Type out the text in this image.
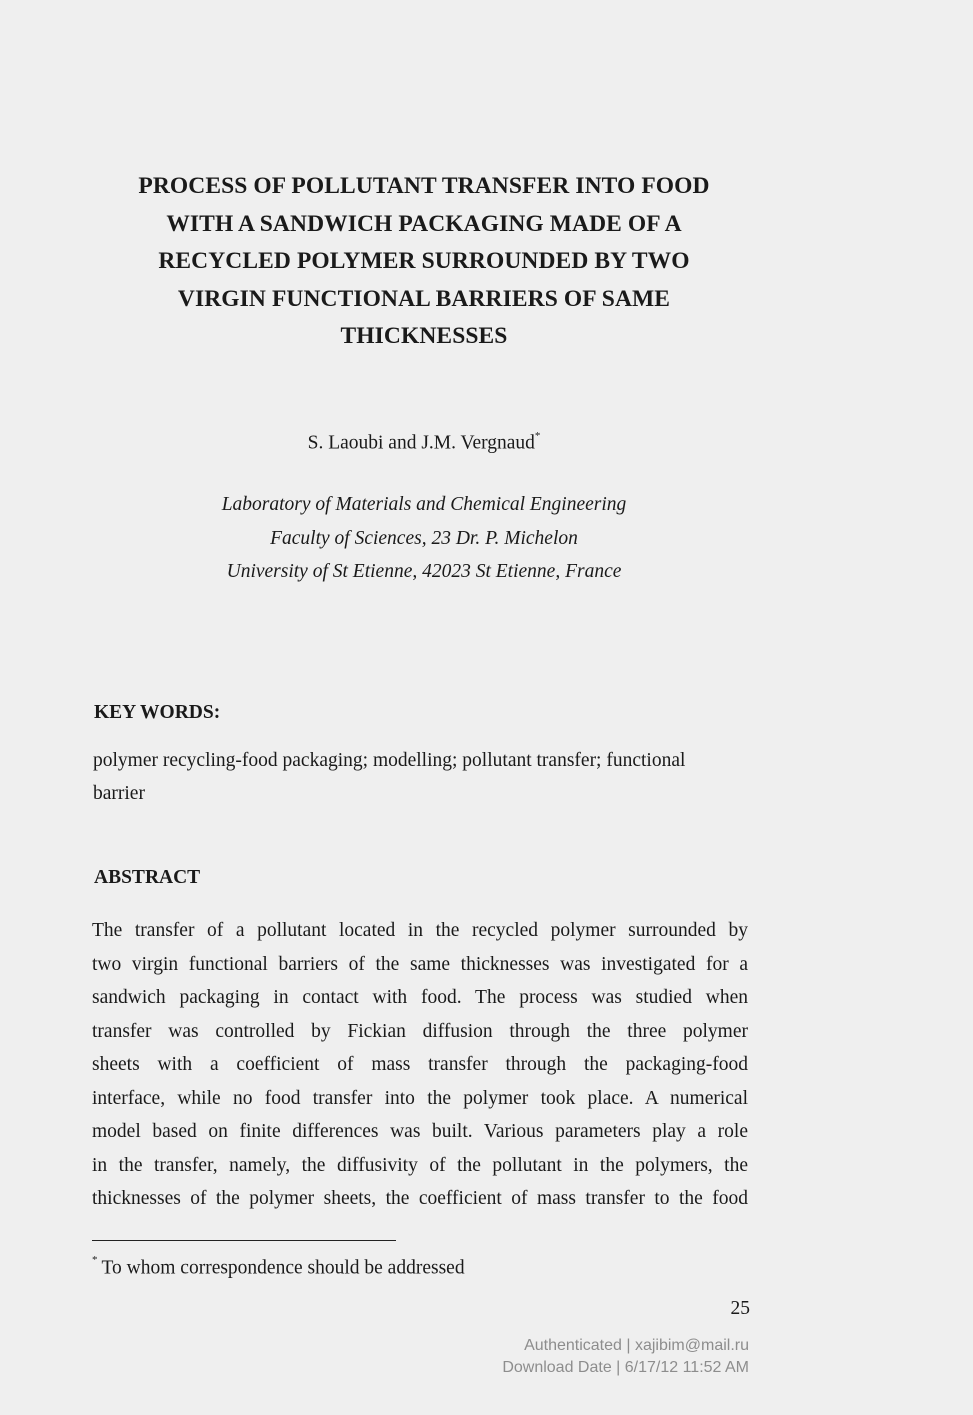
PROCESS OF POLLUTANT TRANSFER INTO FOOD
WITH A SANDWICH PACKAGING MADE OF A
RECYCLED POLYMER SURROUNDED BY TWO
VIRGIN FUNCTIONAL BARRIERS OF SAME
THICKNESSES
S. Laoubi and J.M. Vergnaud*
Laboratory of Materials and Chemical Engineering
Faculty of Sciences, 23 Dr. P. Michelon
University of St Etienne, 42023 St Etienne, France
KEY WORDS:
polymer recycling-food packaging; modelling; pollutant transfer; functional
barrier
ABSTRACT
The transfer of a pollutant located in the recycled polymer surrounded by
two virgin functional barriers of the same thicknesses was investigated for a
sandwich packaging in contact with food. The process was studied when
transfer was controlled by Fickian diffusion through the three polymer
sheets with a coefficient of mass transfer through the packaging-food
interface, while no food transfer into the polymer took place. A numerical
model based on finite differences was built. Various parameters play a role
in the transfer, namely, the diffusivity of the pollutant in the polymers, the
thicknesses of the polymer sheets, the coefficient of mass transfer to the food
* To whom correspondence should be addressed
25
Authenticated | xajibim@mail.ru
Download Date | 6/17/12 11:52 AM
